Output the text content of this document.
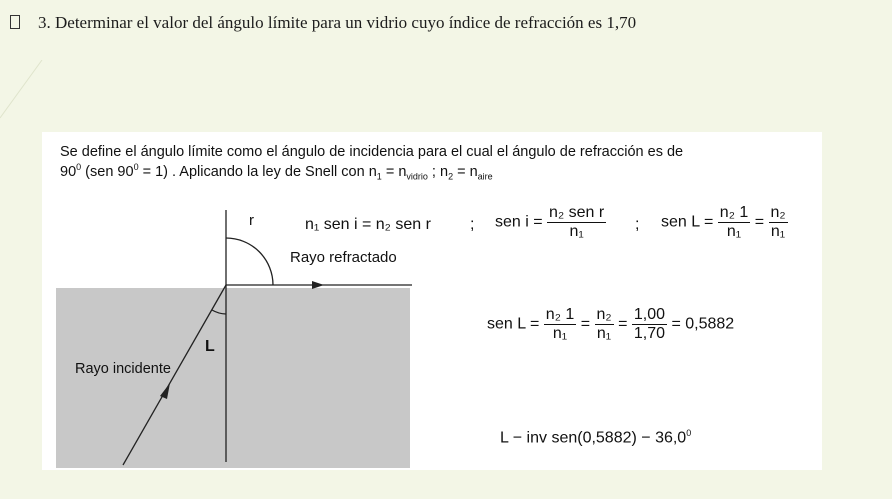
3. Determinar el valor del ángulo límite para un vidrio cuyo índice de refracción es 1,70
Se define el ángulo límite como el ángulo de incidencia para el cual el ángulo de refracción es de
$90^0$ (sen $90^0 = 1$) . Aplicando la ley de Snell con $n_1 = n_{vidrio}$ ; $n_2 = n_{aire}$
r
L
Rayo refractado
Rayo incidente
n₁ sen i = n₂ sen r ; sen $i = \frac{\text{n₂ sen r}}{\text{n₁}}$ ; sen $L = \frac{\text{n₂ 1}}{\text{n₁}} = \frac{\text{n₂}}{\text{n₁}}$
sen $L = \frac{\text{n₂ 1}}{\text{n₁}} = \frac{\text{n₂}}{\text{n₁}} = \frac{1,00}{1,70} = 0,5882$
L − inv $sen(0,5882) - 36,0^0$
